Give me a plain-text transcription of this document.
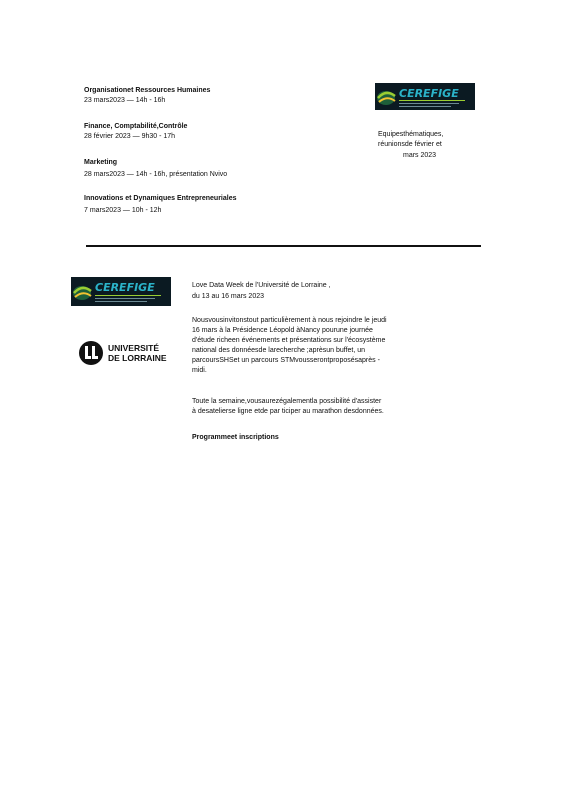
Organisationet Ressources Humaines
23 mars2023 — 14h - 16h
Finance, Comptabilité,Contrôle
28 février 2023 — 9h30 - 17h
Marketing
28 mars2023 — 14h - 16h, présentation Nvivo
Innovations et Dynamiques Entrepreneuriales
7 mars2023 — 10h - 12h
CEREFIGE
Equipesthématiques,
réunionsde février et
mars 2023
CEREFIGE
UNIVERSITÉ
DE LORRAINE
Love Data Week de l'Université de Lorraine ,
du 13 au 16 mars 2023
Nousvousinvitonstout particulièrement à nous rejoindre le jeudi
16 mars à la Présidence Léopold àNancy pourune journée
d'étude richeen événements et présentations sur l'écosystème
national des donnéesde larecherche ;aprèsun buffet, un
parcoursSHSet un parcours STMvousserontproposésaprès -
midi.
Toute la semaine,vousaurezégalementla possibilité d'assister
à desatelierse ligne etde par ticiper au marathon desdonnées.
Programmeet inscriptions
